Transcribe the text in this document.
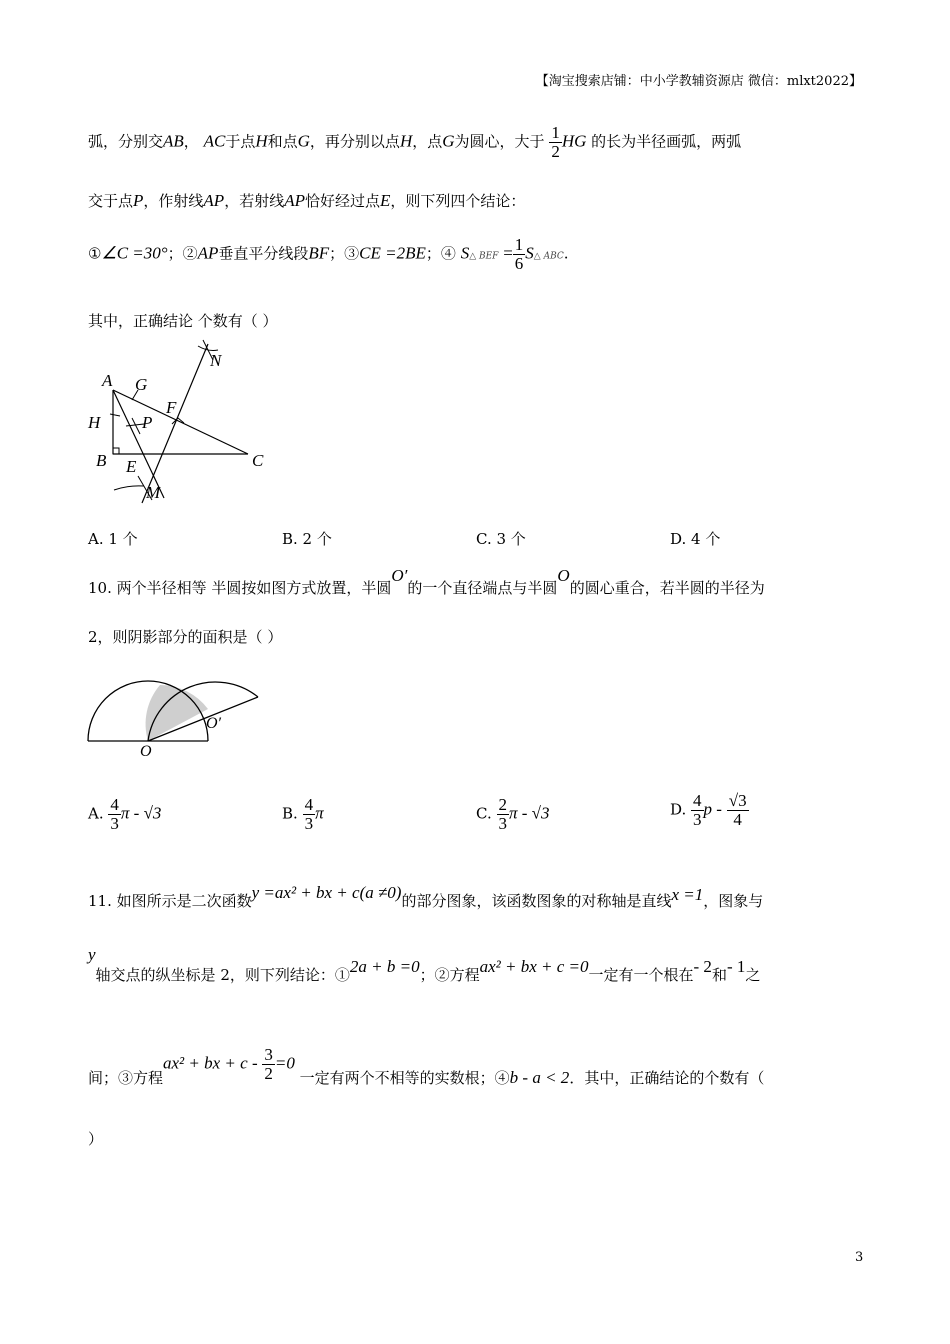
【淘宝搜索店铺：中小学教辅资源店 微信：mlxt2022】
弧，分别交AB， AC于点H和点G，再分别以点H，点G为圆心，大于 $\frac{1}{2}$ HG 的长为半径画弧，两弧
交于点P，作射线AP，若射线AP恰好经过点E，则下列四个结论：
①∠C =30°；②AP垂直平分线段BF；③CE =2BE；④ S△ BEF = $\frac{1}{6}$ S△ ABC.
其中，正确结论 个数有（ ）
N
A G
F
H P
B E	C
M
A. 1 个	B. 2 个	C. 3 个	D. 4 个
10. 两个半径相等 半圆按如图方式放置，半圆O′的一个直径端点与半圆O的圆心重合，若半圆的半径为
2，则阴影部分的面积是（ ）
O′
O
A. $\frac{4}{3}$ π - √3	B. $\frac{4}{3}$ π	C. $\frac{2}{3}$ π - √3	D. $\frac{4}{3}$ p - $\frac{√3}{4}$
11. 如图所示是二次函数y =ax² + bx + c(a ≠0)的部分图象，该函数图象的对称轴是直线x =1，图象与
y轴交点的纵坐标是 2，则下列结论：①2a + b =0；②方程ax² + bx + c =0一定有一个根在- 2和- 1之
间；③方程ax² + bx + $c - \frac{3}{2} =0$ 一定有两个不相等的实数根；④b - a < 2．其中，正确结论的个数有（
）
3
